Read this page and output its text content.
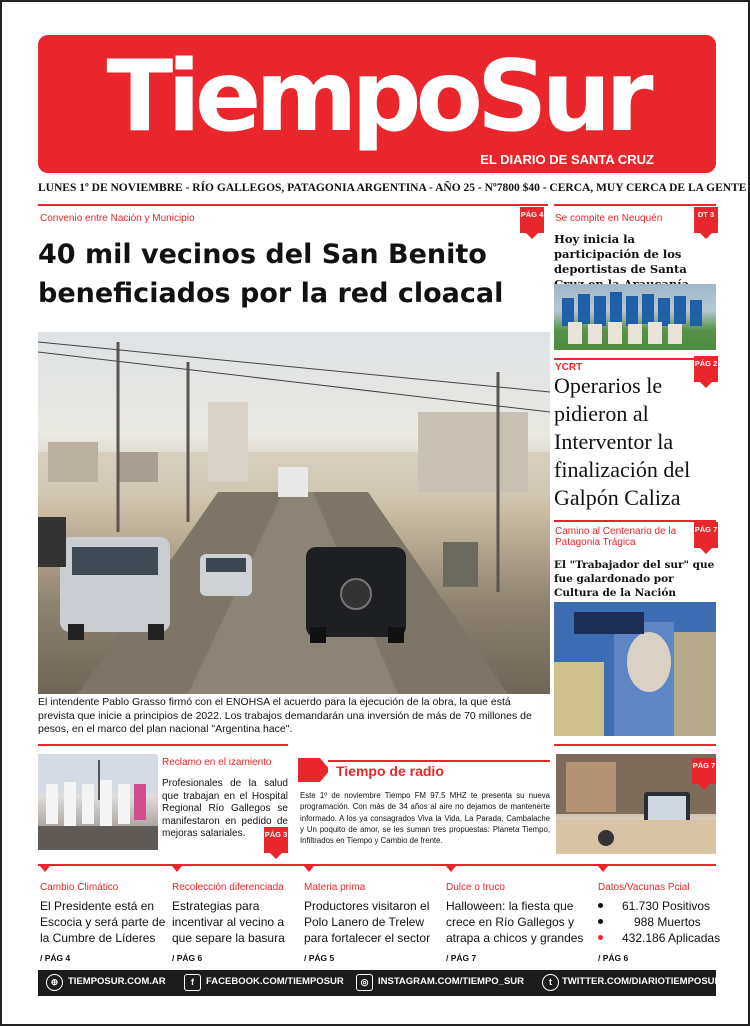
TiempoSur
EL DIARIO DE SANTA CRUZ
LUNES 1º DE NOVIEMBRE - RÍO GALLEGOS, PATAGONIA ARGENTINA - AÑO 25 - Nº7800 $40 - CERCA, MUY CERCA DE LA GENTE
Convenio entre Nación y Municipio	PÁG 4
40 mil vecinos del San Benito beneficiados por la red cloacal
El intendente Pablo Grasso firmó con el ENOHSA el acuerdo para la ejecución de la obra, la que está prevista que inicie a principios de 2022. Los trabajos demandarán una inversión de más de 70 millones de pesos, en el marco del plan nacional "Argentina hace".
Se compite en Neuquén	DT 3
Hoy inicia la participación de los deportistas de Santa
YCRT	PÁG 2
Operarios le pidieron al Interventor la finalización del Galpón Caliza
Camino al Centenario de la Patagonia Trágica
PÁG 7
El "Trabajador del sur" que fue galardonado por Cultura de la Nación
Reclamo en el izamiento
Profesionales de la salud que trabajan en el Hospital Regional Río Gallegos se manifestaron en pedido de mejoras salariales.	PÁG 3
Tiempo de radio
Este 1º de noviembre Tiempo FM 97.5 MHZ te presenta su nueva programación. Con más de 34 años al aire no dejamos de mantenerte informado. A los ya consagrados Viva la Vida, La Parada, Cambalache y Un poquito de amor, se les suman tres propuestas: Planeta Tiempo, Infiltrados en Tiempo y Cambio de frente.
PÁG 7
Cambio Climático
El Presidente está en Escocia y será parte de la Cumbre de Líderes
/ PÁG 4
Recolección diferenciada
Estrategias para incentivar al vecino a que separe la basura
/ PÁG 6
Materia prima
Productores visitaron el Polo Lanero de Trelew para fortalecer el sector
/ PÁG 5
Dulce o truco
Halloween: la fiesta que crece en Río Gallegos y atrapa a chicos y grandes
/ PÁG 7
Datos/Vacunas Pcial
61.730 Positivos
988 Muertos
432.186 Aplicadas
/ PÁG 6
⊕	TIEMPOSUR.COM.AR	f	FACEBOOK.COM/TIEMPOSUR	◎	INSTAGRAM.COM/TIEMPO_SUR	t	TWITTER.COM/DIARIOTIEMPOSUR
